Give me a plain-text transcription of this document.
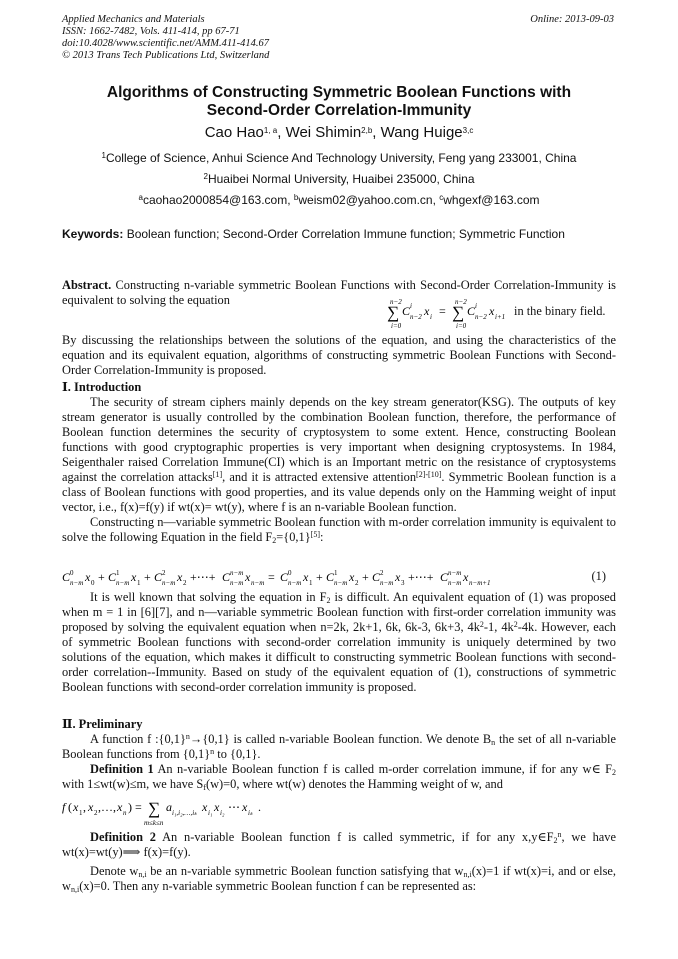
Applied Mechanics and Materials
ISSN: 1662-7482, Vols. 411-414, pp 67-71
doi:10.4028/www.scientific.net/AMM.411-414.67
© 2013 Trans Tech Publications Ltd, Switzerland
Online: 2013-09-03
Algorithms of Constructing Symmetric Boolean Functions with
Second-Order Correlation-Immunity
Cao Hao$^{1, a}$, Wei Shimin$^{2,b}$, Wang Huige$^{3,c}$
$^1$College of Science, Anhui Science And Technology University, Feng yang 233001, China
$^2$Huaibei Normal University, Huaibei 235000, China
$^a$caohao2000854@163.com, $^b$weism02@yahoo.com.cn, $^c$whgexf@163.com
Keywords: Boolean function; Second-Order Correlation Immune function; Symmetric Function
Abstract. Constructing n-variable symmetric Boolean Functions with Second-Order Correlation-Immunity is equivalent to solving the equation	n−2
∑
i=0
C i
n−2 x i =
n−2
∑
i=0
C i
n−2 x i+1 in the binary field.
By discussing the relationships between the solutions of the equation, and using the characteristics of the equation and its equivalent equation, algorithms of constructing symmetric Boolean Functions with Second-Order Correlation-Immunity is proposed.
Ⅰ. Introduction
The security of stream ciphers mainly depends on the key stream generator(KSG). The outputs of key stream generator is usually controlled by the combination Boolean function, therefore, the performance of Boolean function determines the security of cryptosystem to some extent. Hence, constructing Boolean functions with good cryptographic properties is very important when designing cryptosystems. In 1984, Seigenthaler raised Correlation Immune(CI) which is an Important metric on the resistance of cryptosystems against the correlation attacks[1], and it is attracted extensive attention[2]-[10]. Symmetric Boolean function is a class of Boolean functions with good properties, and its value depends only on the Hamming weight of input vector, i.e., f(x)=f(y) if wt(x)= wt(y), where f is an n-variable Boolean function.
Constructing n—variable symmetric Boolean function with m-order correlation immunity is equivalent to solve the following Equation in the field $F_2=\{0,1\}[5]$:
C 0
n−m x 0 + C 1
n−m x 1 + C 2
n−m x 2 +⋯+ C n−m
n−m x n−m = C 0
n−m x 1 + C 1
n−m x 2 + C 2
n−m x 3 +⋯+ C n−m
n−m x n−m+1	(1)
It is well known that solving the equation in $F_2$ is difficult. An equivalent equation of (1) was proposed when m = 1 in [6][7], and n—variable symmetric Boolean function with first-order correlation immunity was proposed by solving the equivalent equation when n=2k, 2k+1, 6k, 6k-3, 6k+3, $4k^2-1$, $4k^2-4k$. However, each of symmetric Boolean functions with second-order correlation immunity is uniquely determined by two solutions of the equation, which makes it difficult to constructing symmetric Boolean functions with second-order correlation--Immunity. Based on study of the equivalent equation of (1), constructions of symmetric Boolean functions with second-order correlation immunity is proposed.
Ⅱ. Preliminary
A function f $:\{0,1\}^n\to\{0,1\}$ is called n-variable Boolean function. We denote $B_n$ the set of all n-variable Boolean functions from $\{0,1\}^n$ to {0,1}.
Definition 1 An n-variable Boolean function f is called m-order correlation immune, if for any w∈ $F_2$ with 1≤wt(w)≤m, we have $S_f(w)=0$, where wt(w) denotes the Hamming weight of w, and
f ( x 1 , x 2 ,…, x n ) = ∑
m≤k≤n
a i₁,i₂,…,iₖ x i₁ x i₂ ⋯ x iₖ .
Definition 2 An n-variable Boolean function f is called symmetric, if for any $x,y\in F_2^n$, we have wt(x)=wt(y)⟹ f(x)=f(y).
Denote $w_{n,i}$ be an n-variable symmetric Boolean function satisfying that $w_{n,i}(x)=1$ if wt(x)=i, and or else, $w_{n,i}(x)=0$. Then any n-variable symmetric Boolean function f can be represented as:
